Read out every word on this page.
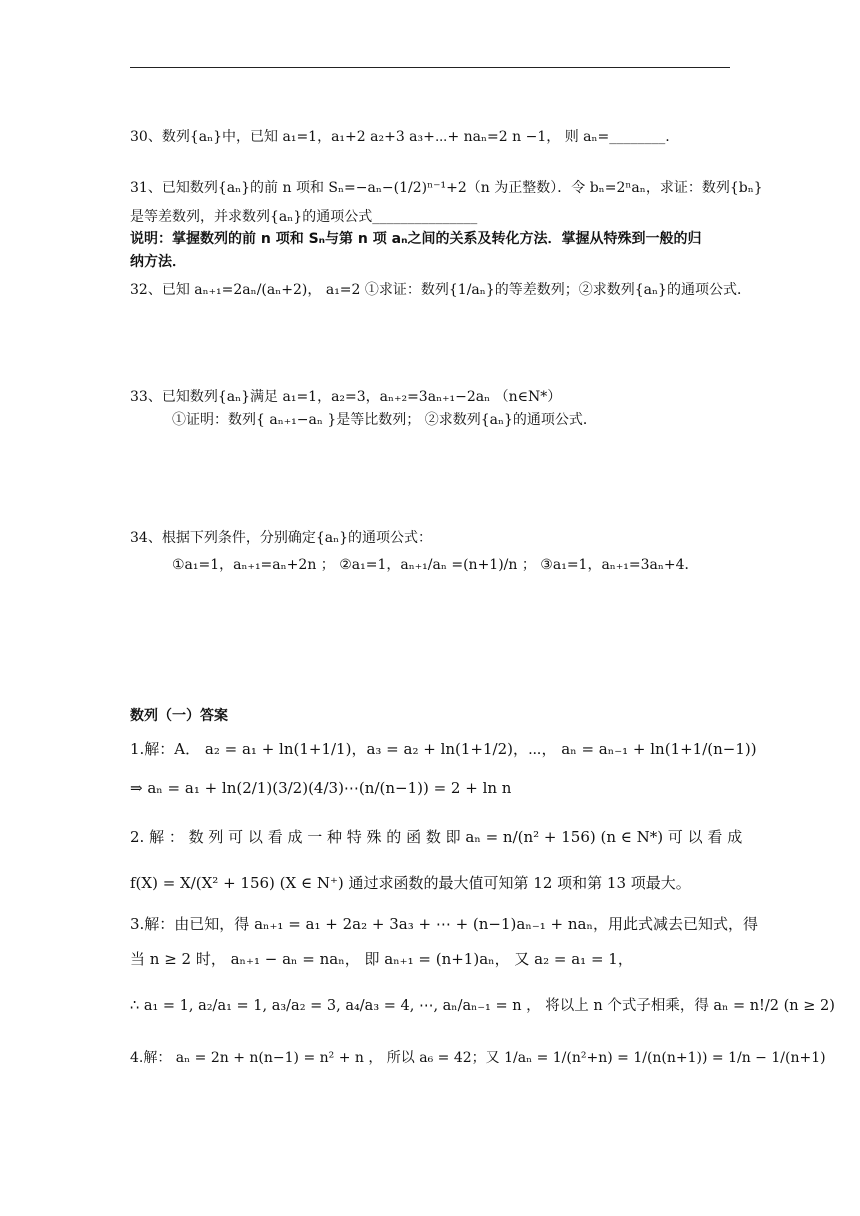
30、数列{aₙ}中，已知 a₁=1，a₁+2 a₂+3 a₃+⋯+ naₙ=2 n −1， 则 aₙ=________.
31、已知数列{aₙ}的前 n 项和 Sₙ=−aₙ−(1/2)ⁿ⁻¹+2（n 为正整数）．令 bₙ=2ⁿaₙ，求证：数列{bₙ}
是等差数列，并求数列{aₙ}的通项公式_______________
说明：掌握数列的前 n 项和 Sₙ与第 n 项 aₙ之间的关系及转化方法．掌握从特殊到一般的归
纳方法．
32、已知 aₙ₊₁=2aₙ/(aₙ+2)， a₁=2 ①求证：数列{1/aₙ}的等差数列；②求数列{aₙ}的通项公式．
33、已知数列{aₙ}满足 a₁=1，a₂=3，aₙ₊₂=3aₙ₊₁−2aₙ （n∈N*）
①证明：数列{ aₙ₊₁−aₙ }是等比数列； ②求数列{aₙ}的通项公式．
34、根据下列条件，分别确定{aₙ}的通项公式：
①a₁=1，aₙ₊₁=aₙ+2n ； ②a₁=1，aₙ₊₁/aₙ =(n+1)/n ； ③a₁=1，aₙ₊₁=3aₙ+4．
数列（一）答案
1.解：A． a₂ = a₁ + ln(1+1/1)，a₃ = a₂ + ln(1+1/2)，⋯， aₙ = aₙ₋₁ + ln(1+1/(n−1))
⇒ aₙ = a₁ + ln(2/1)(3/2)(4/3)⋯(n/(n−1)) = 2 + ln n
2. 解 ： 数 列 可 以 看 成 一 种 特 殊 的 函 数 即 aₙ = n/(n² + 156) (n ∈ N*) 可 以 看 成
f(X) = X/(X² + 156) (X ∈ N⁺) 通过求函数的最大值可知第 12 项和第 13 项最大。
3.解：由已知，得 aₙ₊₁ = a₁ + 2a₂ + 3a₃ + ⋯ + (n−1)aₙ₋₁ + naₙ，用此式减去已知式，得
当 n ≥ 2 时， aₙ₊₁ − aₙ = naₙ， 即 aₙ₊₁ = (n+1)aₙ， 又 a₂ = a₁ = 1，
∴ a₁ = 1, a₂/a₁ = 1, a₃/a₂ = 3, a₄/a₃ = 4, ⋯, aₙ/aₙ₋₁ = n ， 将以上 n 个式子相乘，得 aₙ = n!/2 (n ≥ 2)
4.解： aₙ = 2n + n(n−1) = n² + n ， 所以 a₆ = 42；又 1/aₙ = 1/(n²+n) = 1/(n(n+1)) = 1/n − 1/(n+1)
